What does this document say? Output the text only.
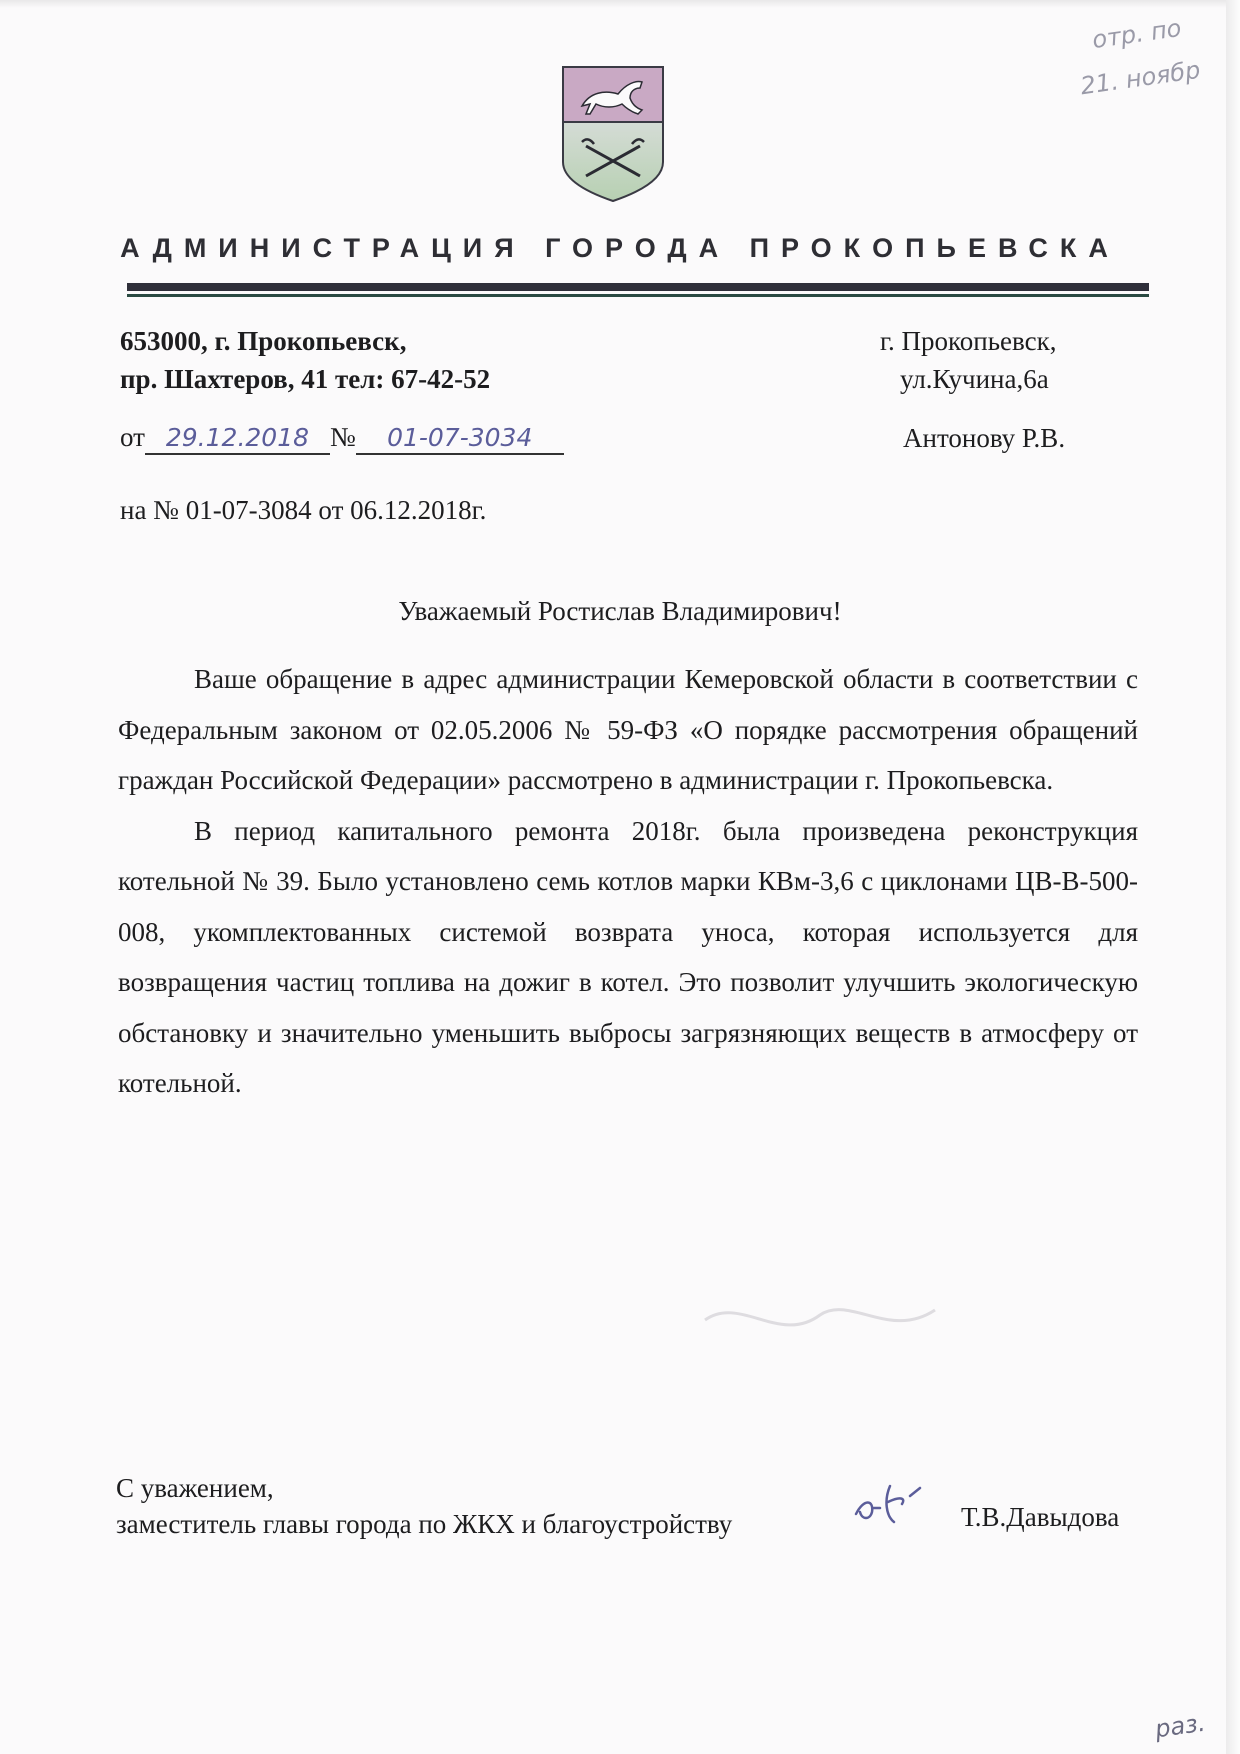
АДМИНИСТРАЦИЯ ГОРОДА ПРОКОПЬЕВСКА
653000, г. Прокопьевск,
пр. Шахтеров, 41 тел: 67-42-52
г. Прокопьевск,
ул.Кучина,6а
Антонову Р.В.
от 29.12.2018 № 01-07-3034
на № 01-07-3084 от 06.12.2018г.
Уважаемый Ростислав Владимирович!

Ваше обращение в адрес администрации Кемеровской области в соответствии с Федеральным законом от 02.05.2006 № 59-ФЗ «О порядке рассмотрения обращений граждан Российской Федерации» рассмотрено в администрации г. Прокопьевска.

В период капитального ремонта 2018г. была произведена реконструкция котельной № 39. Было установлено семь котлов марки КВм-3,6 с циклонами ЦВ-В-500-008, укомплектованных системой возврата уноса, которая используется для возвращения частиц топлива на дожиг в котел. Это позволит улучшить экологическую обстановку и значительно уменьшить выбросы загрязняющих веществ в атмосферу от котельной.

С уважением,
заместитель главы города по ЖКХ и благоустройству	Т.В.Давыдова
отр. по
21. ноябр
раз.
